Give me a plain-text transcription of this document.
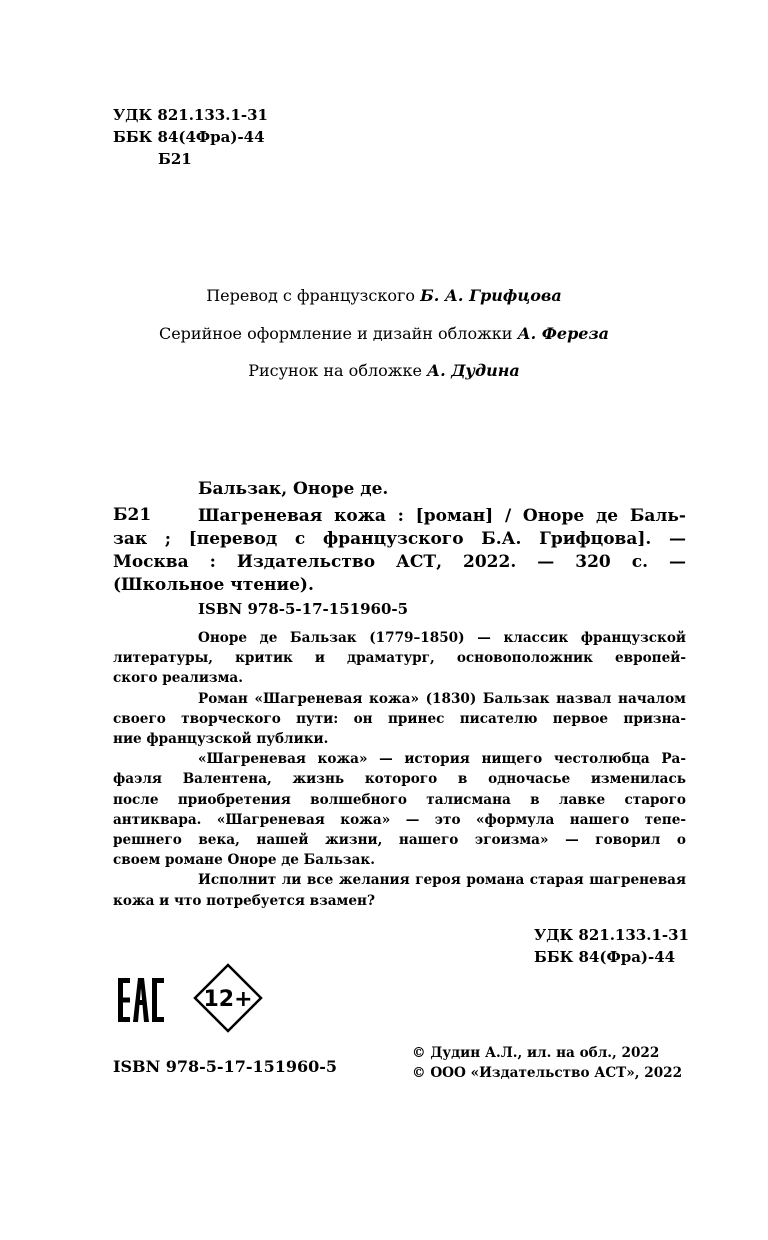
УДК 821.133.1-31
ББК 84(4Фра)-44
Б21
Перевод с французского Б. А. Грифцова
Серийное оформление и дизайн обложки А. Фереза
Рисунок на обложке А. Дудина
Бальзак, Оноре де.
Б21	Шагреневая кожа : [роман] / Оноре де Баль-
зак ; [перевод с французского Б.А. Грифцова]. —
Москва : Издательство АСТ, 2022. — 320 с. —
(Школьное чтение).
ISBN 978-5-17-151960-5

Оноре де Бальзак (1779–1850) — классик французской
литературы, критик и драматург, основоположник европей-
ского реализма.

Роман «Шагреневая кожа» (1830) Бальзак назвал началом
своего творческого пути: он принес писателю первое призна-
ние французской публики.

«Шагреневая кожа» — история нищего честолюбца Ра-
фаэля Валентена, жизнь которого в одночасье изменилась
после приобретения волшебного талисмана в лавке старого
антиквара. «Шагреневая кожа» — это «формула нашего тепе-
решнего века, нашей жизни, нашего эгоизма» — говорил о
своем романе Оноре де Бальзак.

Исполнит ли все желания героя романа старая шагреневая
кожа и что потребуется взамен?

УДК 821.133.1-31
ББК 84(Фра)-44
12+
ISBN 978-5-17-151960-5
© Дудин А.Л., ил. на обл., 2022
© ООО «Издательство АСТ», 2022
